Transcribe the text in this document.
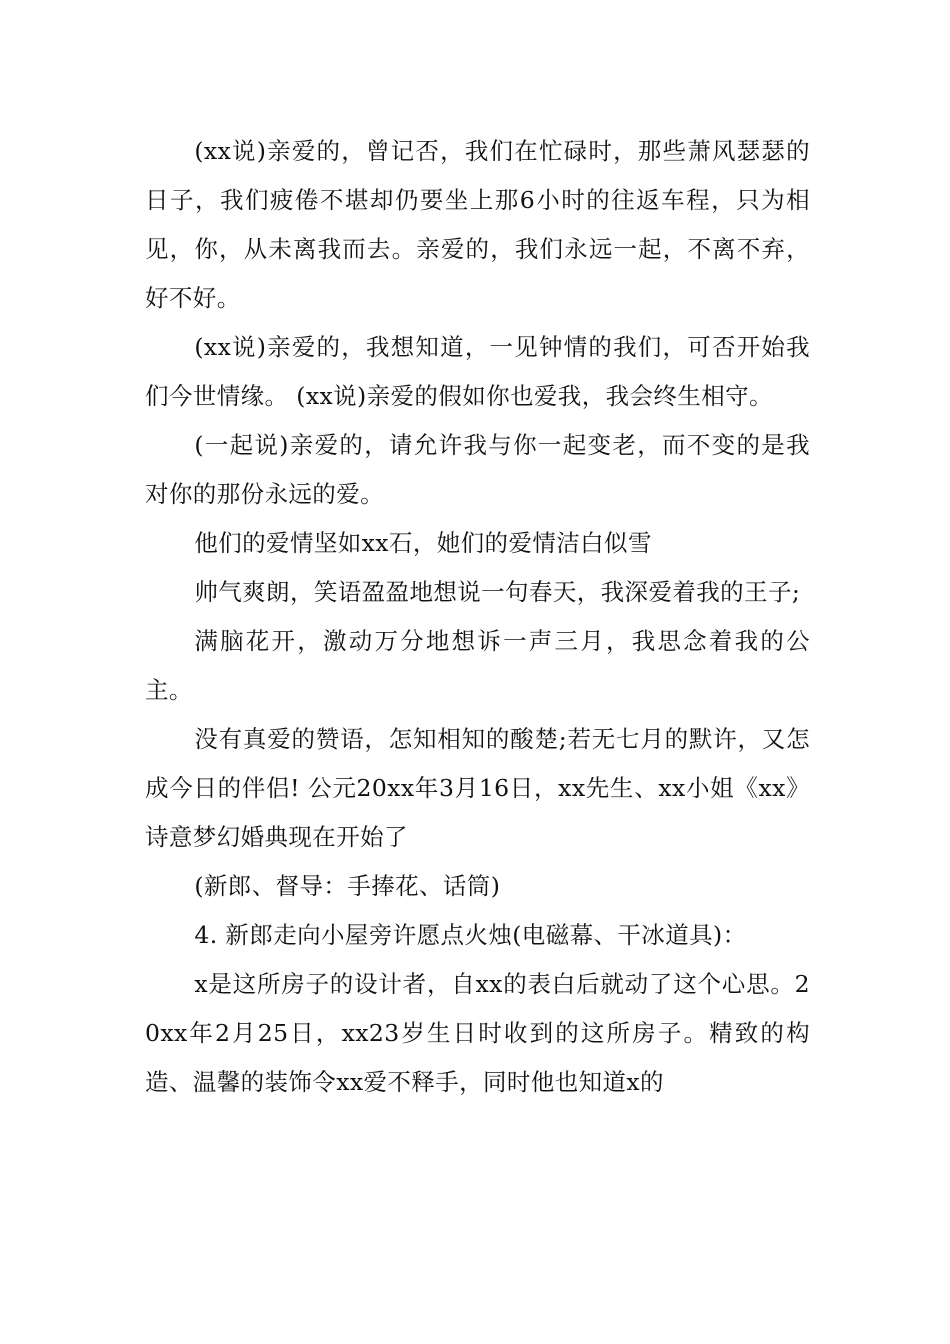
(xx说)亲爱的，曾记否，我们在忙碌时，那些萧风瑟瑟的日子，我们疲倦不堪却仍要坐上那6小时的往返车程，只为相见，你，从未离我而去。亲爱的，我们永远一起，不离不弃，好不好。

(xx说)亲爱的，我想知道，一见钟情的我们，可否开始我们今世情缘。 (xx说)亲爱的假如你也爱我，我会终生相守。

(一起说)亲爱的，请允许我与你一起变老，而不变的是我对你的那份永远的爱。

他们的爱情坚如xx石，她们的爱情洁白似雪

帅气爽朗，笑语盈盈地想说一句春天，我深爱着我的王子;

满脑花开，激动万分地想诉一声三月，我思念着我的公主。

没有真爱的赞语，怎知相知的酸楚;若无七月的默许，又怎成今日的伴侣! 公元20xx年3月16日，xx先生、xx小姐《xx》诗意梦幻婚典现在开始了

(新郎、督导：手捧花、话筒)

4. 新郎走向小屋旁许愿点火烛(电磁幕、干冰道具)：

x是这所房子的设计者，自xx的表白后就动了这个心思。20xx年2月25日，xx23岁生日时收到的这所房子。精致的构造、温馨的装饰令xx爱不释手，同时他也知道x的
